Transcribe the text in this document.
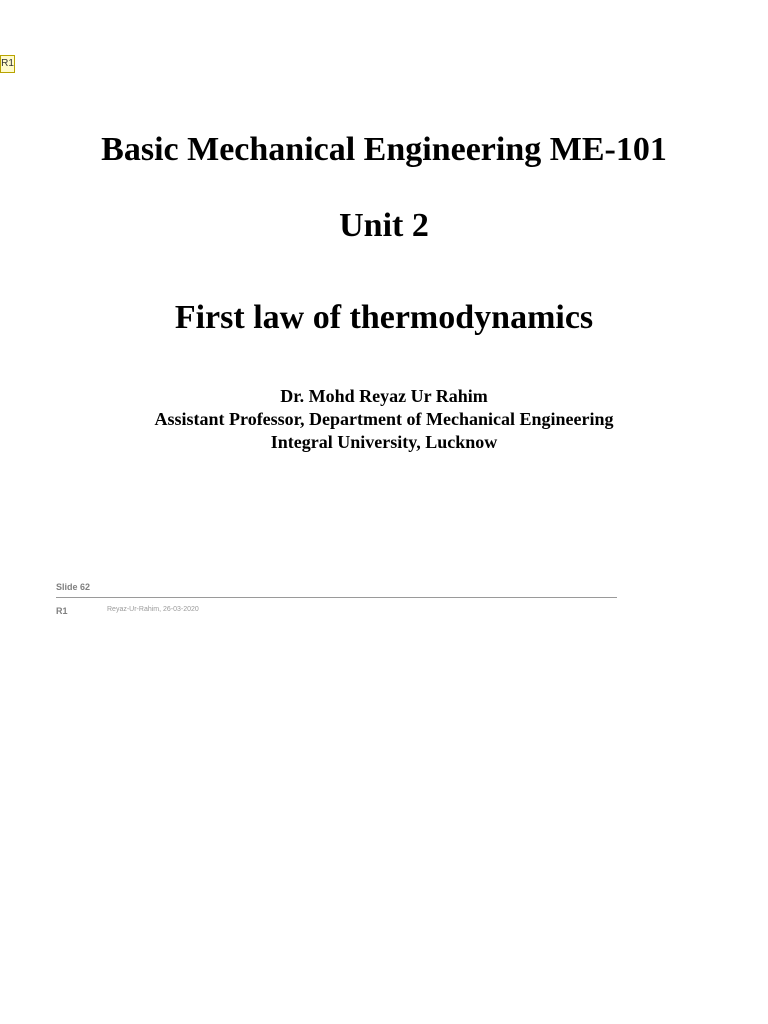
R1
Basic Mechanical Engineering ME-101
Unit 2
First law of thermodynamics
Dr. Mohd Reyaz Ur Rahim
Assistant Professor, Department of Mechanical Engineering
Integral University, Lucknow
Slide 62
R1	Reyaz-Ur-Rahim, 26-03-2020
